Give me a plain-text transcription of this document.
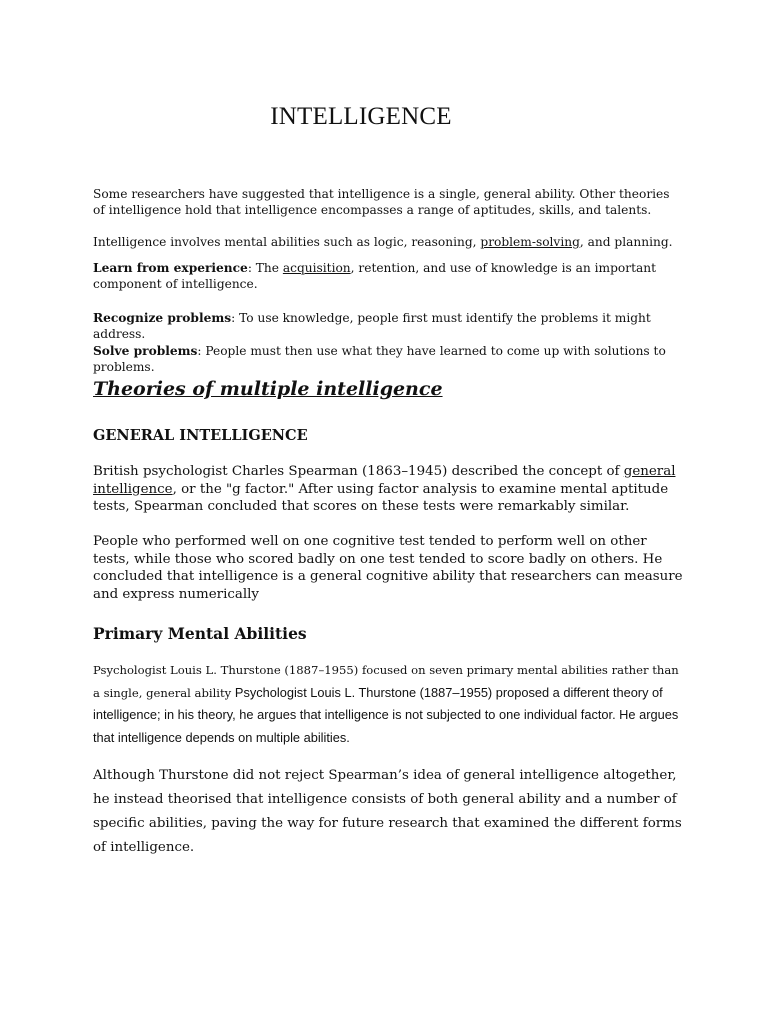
INTELLIGENCE

Some researchers have suggested that intelligence is a single, general ability. Other theories of intelligence hold that intelligence encompasses a range of aptitudes, skills, and talents.

Intelligence involves mental abilities such as logic, reasoning, problem-solving, and planning.

Learn from experience: The acquisition, retention, and use of knowledge is an important component of intelligence.

Recognize problems: To use knowledge, people first must identify the problems it might address.

Solve problems: People must then use what they have learned to come up with solutions to problems.

Theories of multiple intelligence
GENERAL INTELLIGENCE

British psychologist Charles Spearman (1863–1945) described the concept of general intelligence, or the "g factor." After using factor analysis to examine mental aptitude tests, Spearman concluded that scores on these tests were remarkably similar.

People who performed well on one cognitive test tended to perform well on other tests, while those who scored badly on one test tended to score badly on others. He concluded that intelligence is a general cognitive ability that researchers can measure and express numerically

Primary Mental Abilities

Psychologist Louis L. Thurstone (1887–1955) focused on seven primary mental abilities rather than a single, general ability Psychologist Louis L. Thurstone (1887–1955) proposed a different theory of intelligence; in his theory, he argues that intelligence is not subjected to one individual factor. He argues that intelligence depends on multiple abilities.

Although Thurstone did not reject Spearman’s idea of general intelligence altogether, he instead theorised that intelligence consists of both general ability and a number of specific abilities, paving the way for future research that examined the different forms of intelligence.
